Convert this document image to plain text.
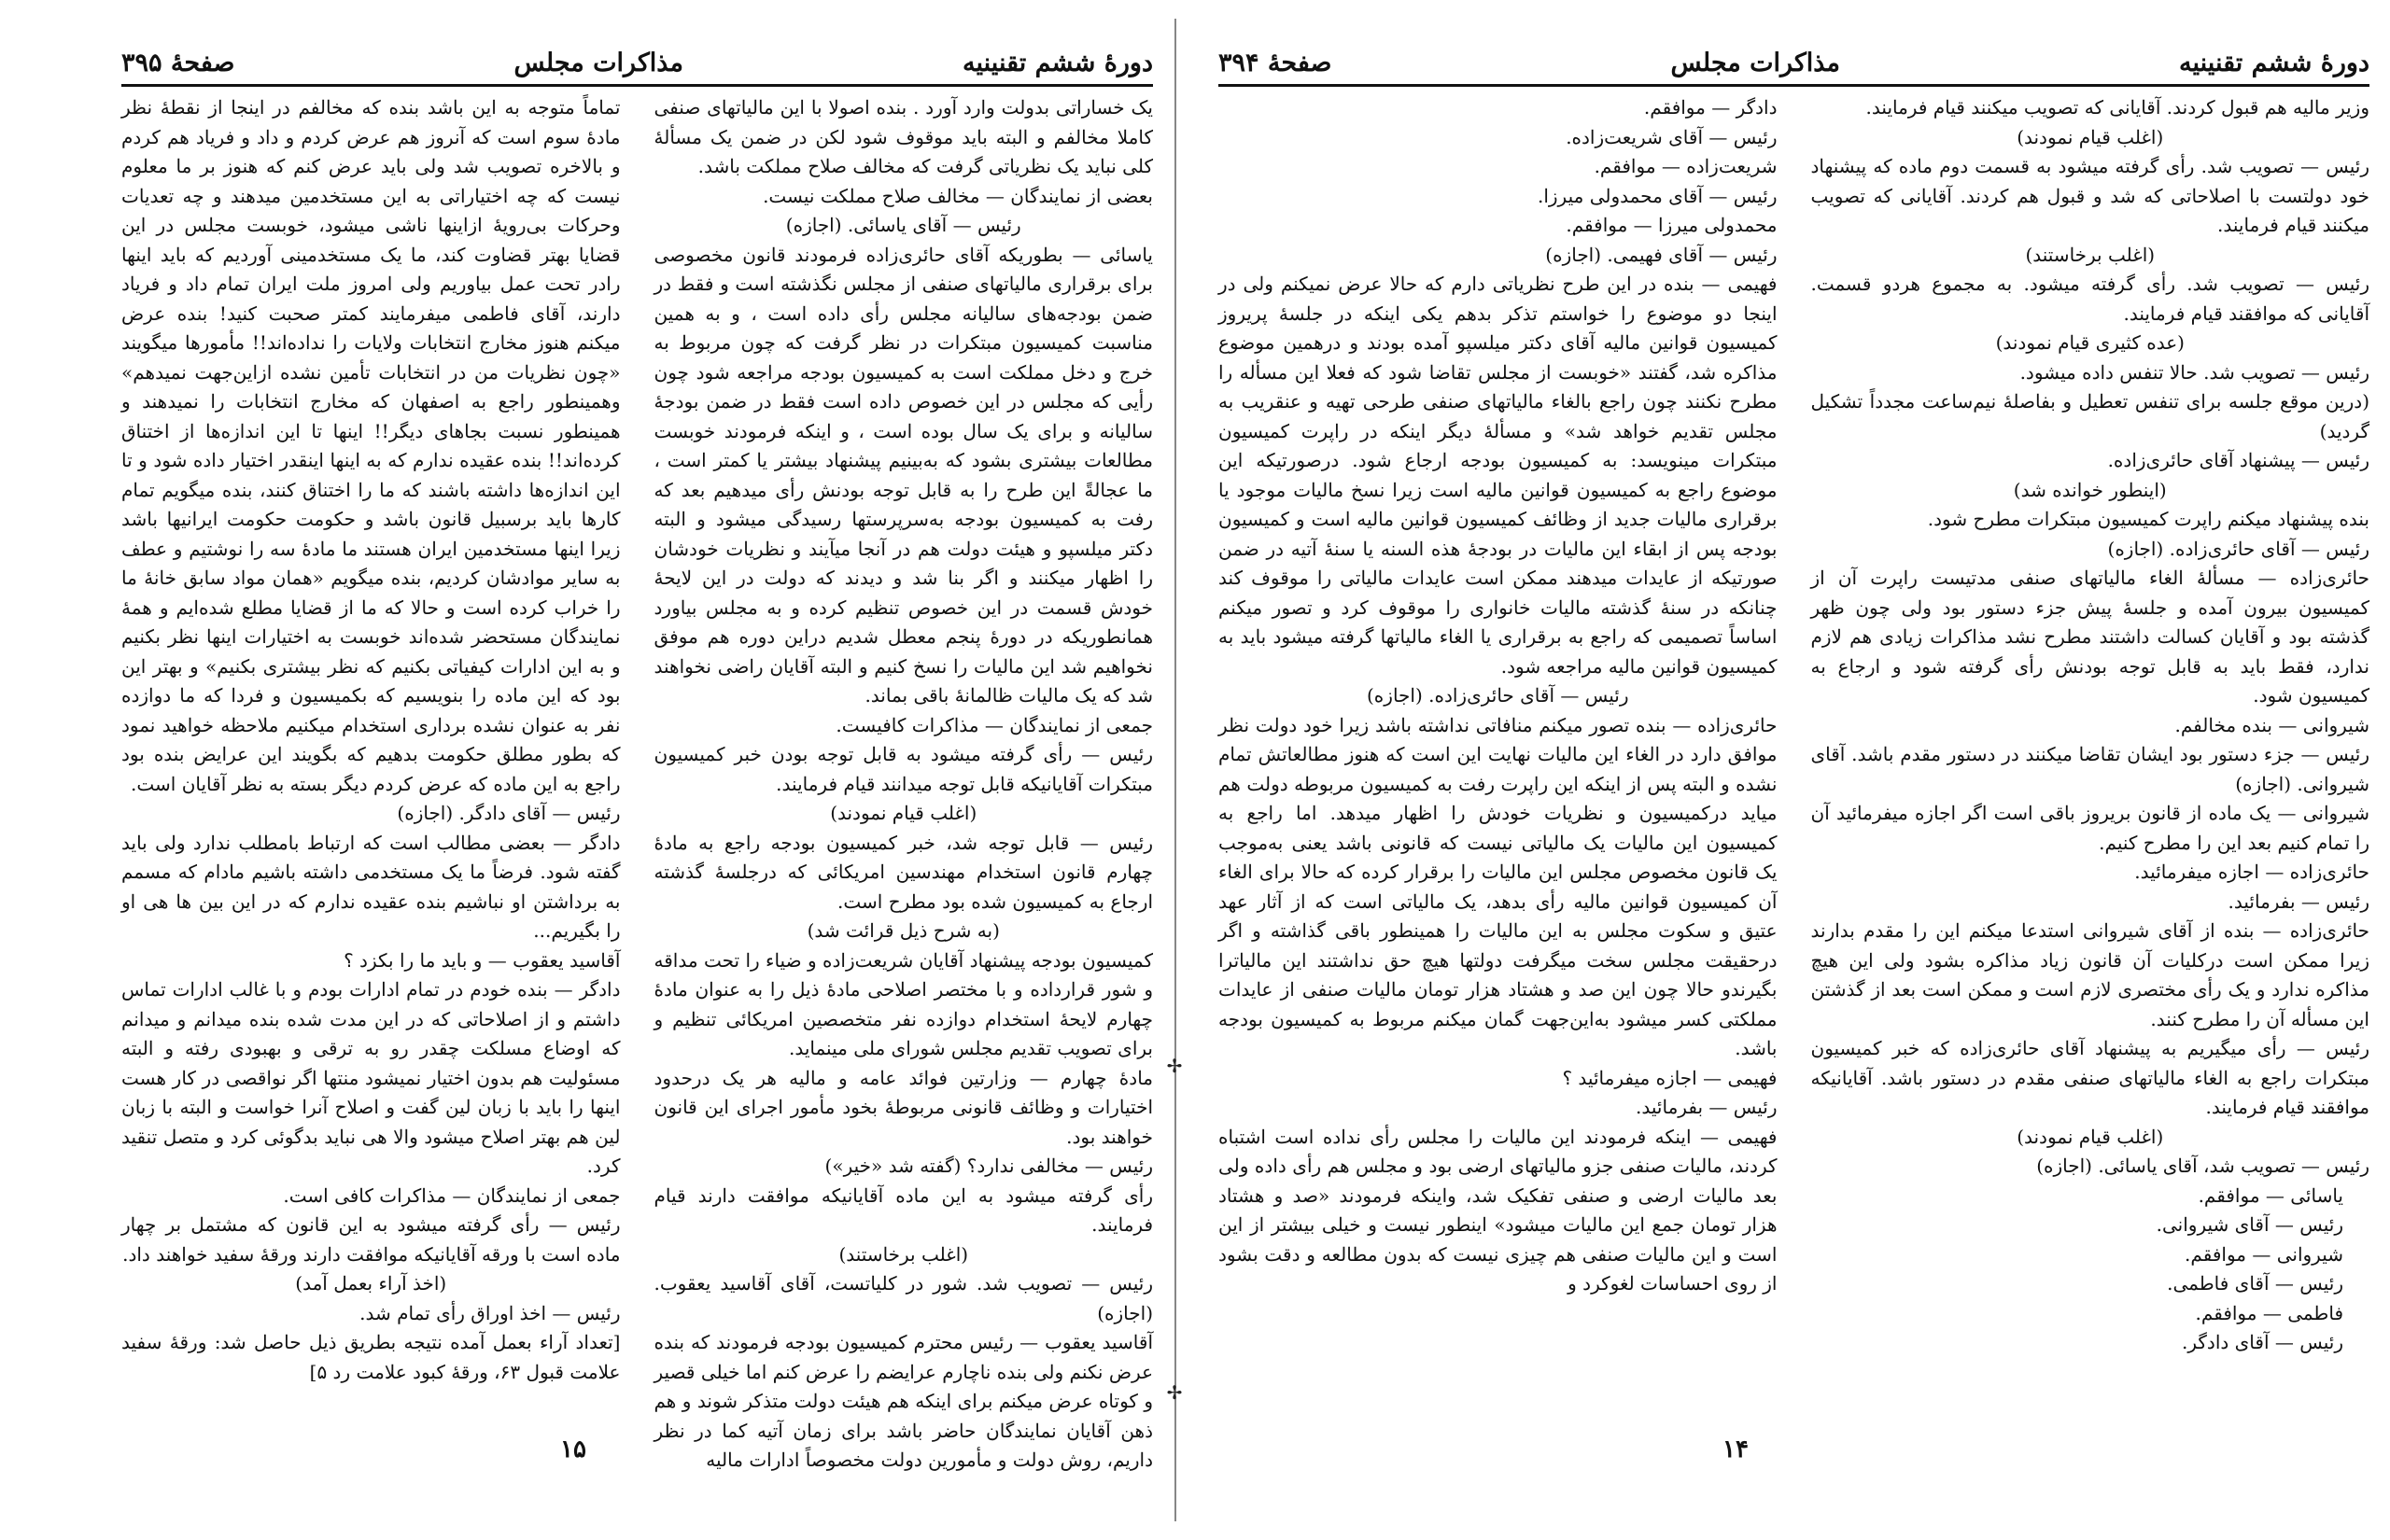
دورهٔ ششم تقنینیه
مذاکرات مجلس
صفحهٔ ۳۹۵

یک خساراتی بدولت وارد آورد . بنده اصولا با این مالیاتهای صنفی کاملا مخالفم و البته باید موقوف شود لکن در ضمن یک مسألهٔ کلی نباید یک نظریاتی گرفت که مخالف صلاح مملکت باشد.

بعضی از نمایندگان — مخالف صلاح مملکت نیست.

رئیس — آقای یاسائی. (اجازه)

یاسائی — بطوریکه آقای حائری‌زاده فرمودند قانون مخصوصی برای برقراری مالیاتهای صنفی از مجلس نگذشته است و فقط در ضمن بودجه‌های سالیانه مجلس رأی داده است ، و به همین مناسبت کمیسیون مبتکرات در نظر گرفت که چون مربوط به خرج و دخل مملکت است به کمیسیون بودجه مراجعه شود چون رأیی که مجلس در این خصوص داده است فقط در ضمن بودجهٔ سالیانه و برای یک سال بوده است ، و اینکه فرمودند خوبست مطالعات بیشتری بشود که به‌بینیم پیشنهاد بیشتر یا کمتر است ، ما عجالةً این طرح را به قابل توجه بودنش رأی میدهیم بعد که رفت به کمیسیون بودجه به‌سرپرستها رسیدگی میشود و البته دکتر میلسپو و هیئت دولت هم در آنجا میآیند و نظریات خودشان را اظهار میکنند و اگر بنا شد و دیدند که دولت در این لایحهٔ خودش قسمت در این خصوص تنظیم کرده و به مجلس بیاورد همانطوریکه در دورهٔ پنجم معطل شدیم دراین دوره هم موفق نخواهیم شد این مالیات را نسخ کنیم و البته آقایان راضی نخواهند شد که یک مالیات ظالمانهٔ باقی بماند.

جمعی از نمایندگان — مذاکرات کافیست.

رئیس — رأی گرفته میشود به قابل توجه بودن خبر کمیسیون مبتکرات آقایانیکه قابل توجه میدانند قیام فرمایند.

(اغلب قیام نمودند)

رئیس — قابل توجه شد، خبر کمیسیون بودجه راجع به مادهٔ چهارم قانون استخدام مهندسین امریکائی که درجلسهٔ گذشته ارجاع به کمیسیون شده بود مطرح است.

(به شرح ذیل قرائت شد)

کمیسیون بودجه پیشنهاد آقایان شریعت‌زاده و ضیاء را تحت مداقه و شور قرارداده و با مختصر اصلاحی مادهٔ ذیل را به عنوان مادهٔ چهارم لایحهٔ استخدام دوازده نفر متخصصین امریکائی تنظیم و برای تصویب تقدیم مجلس شورای ملی مینماید.

مادهٔ چهارم — وزارتین فوائد عامه و مالیه هر یک درحدود اختیارات و وظائف قانونی مربوطهٔ بخود مأمور اجرای این قانون خواهند بود.

رئیس — مخالفی ندارد؟ (گفته شد «خیر»)

رأی گرفته میشود به این ماده آقایانیکه موافقت دارند قیام فرمایند.

(اغلب برخاستند)

رئیس — تصویب شد. شور در کلیاتست، آقای آقاسید یعقوب. (اجازه)

آقاسید یعقوب — رئیس محترم کمیسیون بودجه فرمودند که بنده عرض نکنم ولی بنده ناچارم عرایضم را عرض کنم اما خیلی قصیر و کوتاه عرض میکنم برای اینکه هم هیئت دولت متذکر شوند و هم ذهن آقایان نمایندگان حاضر باشد برای زمان آتیه کما در نظر داریم، روش دولت و مأمورین دولت مخصوصاً ادارات مالیه

تماماً متوجه به این باشد بنده که مخالفم در اینجا از نقطهٔ نظر مادهٔ سوم است که آنروز هم عرض کردم و داد و فریاد هم کردم و بالاخره تصویب شد ولی باید عرض کنم که هنوز بر ما معلوم نیست که چه اختیاراتی به این مستخدمین میدهند و چه تعدیات وحرکات بی‌رویهٔ ازاینها ناشی میشود، خوبست مجلس در این قضایا بهتر قضاوت کند، ما یک مستخدمینی آوردیم که باید اینها رادر تحت عمل بیاوریم ولی امروز ملت ایران تمام داد و فریاد دارند، آقای فاطمی میفرمایند کمتر صحبت کنید! بنده عرض میکنم هنوز مخارج انتخابات ولایات را نداده‌اند!! مأمورها میگویند «چون نظریات من در انتخابات تأمین نشده ازاین‌جهت نمیدهم» وهمینطور راجع به اصفهان که مخارج انتخابات را نمیدهند و همینطور نسبت بجاهای دیگر!! اینها تا این اندازه‌ها از اختناق کرده‌اند!! بنده عقیده ندارم که به اینها اینقدر اختیار داده شود و تا این اندازه‌ها داشته باشند که ما را اختناق کنند، بنده میگویم تمام کارها باید برسبیل قانون باشد و حکومت حکومت ایرانیها باشد زیرا اینها مستخدمین ایران هستند ما مادهٔ سه را نوشتیم و عطف به سایر موادشان کردیم، بنده میگویم «همان مواد سابق خانهٔ ما را خراب کرده است و حالا که ما از قضایا مطلع شده‌ایم و همهٔ نمایندگان مستحضر شده‌اند خوبست به اختیارات اینها نظر بکنیم و به این ادارات کیفیاتی بکنیم که نظر بیشتری بکنیم» و بهتر این بود که این ماده را بنویسیم که بکمیسیون و فردا که ما دوازده نفر به عنوان نشده برداری استخدام میکنیم ملاحظه خواهید نمود که بطور مطلق حکومت بدهیم که بگویند این عرایض بنده بود راجع به این ماده که عرض کردم دیگر بسته به نظر آقایان است.

رئیس — آقای دادگر. (اجازه)

دادگر — بعضی مطالب است که ارتباط بامطلب ندارد ولی باید گفته شود. فرضاً ما یک مستخدمی داشته باشیم مادام که مسمم به برداشتن او نباشیم بنده عقیده ندارم که در این بین ها هی او را بگیریم...

آقاسید یعقوب — و باید ما را بکزد ؟

دادگر — بنده خودم در تمام ادارات بودم و با غالب ادارات تماس داشتم و از اصلاحاتی که در این مدت شده بنده میدانم و میدانم که اوضاع مسلکت چقدر رو به ترقی و بهبودی رفته و البته مسئولیت هم بدون اختیار نمیشود منتها اگر نواقصی در کار هست اینها را باید با زبان لین گفت و اصلاح آنرا خواست و البته با زبان لین هم بهتر اصلاح میشود والا هی نباید بدگوئی کرد و متصل تنقید کرد.

جمعی از نمایندگان — مذاکرات کافی است.

رئیس — رأی گرفته میشود به این قانون که مشتمل بر چهار ماده است با ورقه آقایانیکه موافقت دارند ورقهٔ سفید خواهند داد.

(اخذ آراء بعمل آمد)

رئیس — اخذ اوراق رأی تمام شد.

[تعداد آراء بعمل آمده نتیجه بطریق ذیل حاصل شد: ورقهٔ سفید علامت قبول ۶۳، ورقهٔ کبود علامت رد ۵]

۱۵
✢
✢
دورهٔ ششم تقنینیه
مذاکرات مجلس
صفحهٔ ۳۹۴

وزیر مالیه هم قبول کردند. آقایانی که تصویب میکنند قیام فرمایند.

(اغلب قیام نمودند)

رئیس — تصویب شد. رأی گرفته میشود به قسمت دوم ماده که پیشنهاد خود دولتست با اصلاحاتی که شد و قبول هم کردند. آقایانی که تصویب میکنند قیام فرمایند.

(اغلب برخاستند)

رئیس — تصویب شد. رأی گرفته میشود. به مجموع هردو قسمت. آقایانی که موافقند قیام فرمایند.

(عده کثیری قیام نمودند)

رئیس — تصویب شد. حالا تنفس داده میشود.

(درین موقع جلسه برای تنفس تعطیل و بفاصلهٔ نیم‌ساعت مجدداً تشکیل گردید)

رئیس — پیشنهاد آقای حائری‌زاده.

(اینطور خوانده شد)

بنده پیشنهاد میکنم راپرت کمیسیون مبتکرات مطرح شود.

رئیس — آقای حائری‌زاده. (اجازه)

حائری‌زاده — مسألهٔ الغاء مالیاتهای صنفی مدتیست راپرت آن از کمیسیون بیرون آمده و جلسهٔ پیش جزء دستور بود ولی چون ظهر گذشته بود و آقایان کسالت داشتند مطرح نشد مذاکرات زیادی هم لازم ندارد، فقط باید به قابل توجه بودنش رأی گرفته شود و ارجاع به کمیسیون شود.

شیروانی — بنده مخالفم.

رئیس — جزء دستور بود ایشان تقاضا میکنند در دستور مقدم باشد. آقای شیروانی. (اجازه)

شیروانی — یک ماده از قانون بریروز باقی است اگر اجازه میفرمائید آن را تمام کنیم بعد این را مطرح کنیم.

حائری‌زاده — اجازه میفرمائید.

رئیس — بفرمائید.

حائری‌زاده — بنده از آقای شیروانی استدعا میکنم این را مقدم بدارند زیرا ممکن است درکلیات آن قانون زیاد مذاکره بشود ولی این هیچ مذاکره ندارد و یک رأی مختصری لازم است و ممکن است بعد از گذشتن این مسأله آن را مطرح کنند.

رئیس — رأی میگیریم به پیشنهاد آقای حائری‌زاده که خبر کمیسیون مبتکرات راجع به الغاء مالیاتهای صنفی مقدم در دستور باشد. آقایانیکه موافقند قیام فرمایند.

(اغلب قیام نمودند)

رئیس — تصویب شد، آقای یاسائی. (اجازه)

یاسائی — موافقم.

رئیس — آقای شیروانی.

شیروانی — موافقم.

رئیس — آقای فاطمی.

فاطمی — موافقم.

رئیس — آقای دادگر.

دادگر — موافقم.

رئیس — آقای شریعت‌زاده.

شریعت‌زاده — موافقم.

رئیس — آقای محمدولی میرزا.

محمدولی میرزا — موافقم.

رئیس — آقای فهیمی. (اجازه)

فهیمی — بنده در این طرح نظریاتی دارم که حالا عرض نمیکنم ولی در اینجا دو موضوع را خواستم تذکر بدهم یکی اینکه در جلسهٔ پریروز کمیسیون قوانین مالیه آقای دکتر میلسپو آمده بودند و درهمین موضوع مذاکره شد، گفتند «خوبست از مجلس تقاضا شود که فعلا این مسأله را مطرح نکنند چون راجع بالغاء مالیاتهای صنفی طرحی تهیه و عنقریب به مجلس تقدیم خواهد شد» و مسألهٔ دیگر اینکه در راپرت کمیسیون مبتکرات مینویسد: به کمیسیون بودجه ارجاع شود. درصورتیکه این موضوع راجع به کمیسیون قوانین مالیه است زیرا نسخ مالیات موجود یا برقراری مالیات جدید از وظائف کمیسیون قوانین مالیه است و کمیسیون بودجه پس از ابقاء این مالیات در بودجهٔ هذه السنه یا سنهٔ آتیه در ضمن صورتیکه از عایدات میدهند ممکن است عایدات مالیاتی را موقوف کند چنانکه در سنهٔ گذشته مالیات خانواری را موقوف کرد و تصور میکنم اساساً تصمیمی که راجع به برقراری یا الغاء مالیاتها گرفته میشود باید به کمیسیون قوانین مالیه مراجعه شود.

رئیس — آقای حائری‌زاده. (اجازه)

حائری‌زاده — بنده تصور میکنم منافاتی نداشته باشد زیرا خود دولت نظر موافق دارد در الغاء این مالیات نهایت این است که هنوز مطالعاتش تمام نشده و البته پس از اینکه این راپرت رفت به کمیسیون مربوطه دولت هم میاید درکمیسیون و نظریات خودش را اظهار میدهد. اما راجع به کمیسیون این مالیات یک مالیاتی نیست که قانونی باشد یعنی به‌موجب یک قانون مخصوص مجلس این مالیات را برقرار کرده که حالا برای الغاء آن کمیسیون قوانین مالیه رأی بدهد، یک مالیاتی است که از آثار عهد عتیق و سکوت مجلس به این مالیات را همینطور باقی گذاشته و اگر درحقیقت مجلس سخت میگرفت دولتها هیچ حق نداشتند این مالیاترا بگیرندو حالا چون این صد و هشتاد هزار تومان مالیات صنفی از عایدات مملکتی کسر میشود به‌این‌جهت گمان میکنم مربوط به کمیسیون بودجه باشد.

فهیمی — اجازه میفرمائید ؟

رئیس — بفرمائید.

فهیمی — اینکه فرمودند این مالیات را مجلس رأی نداده است اشتباه کردند، مالیات صنفی جزو مالیاتهای ارضی بود و مجلس هم رأی داده ولی بعد مالیات ارضی و صنفی تفکیک شد، واینکه فرمودند «صد و هشتاد هزار تومان جمع این مالیات میشود» اینطور نیست و خیلی بیشتر از این است و این مالیات صنفی هم چیزی نیست که بدون مطالعه و دقت بشود از روی احساسات لغوکرد و

۱۴
